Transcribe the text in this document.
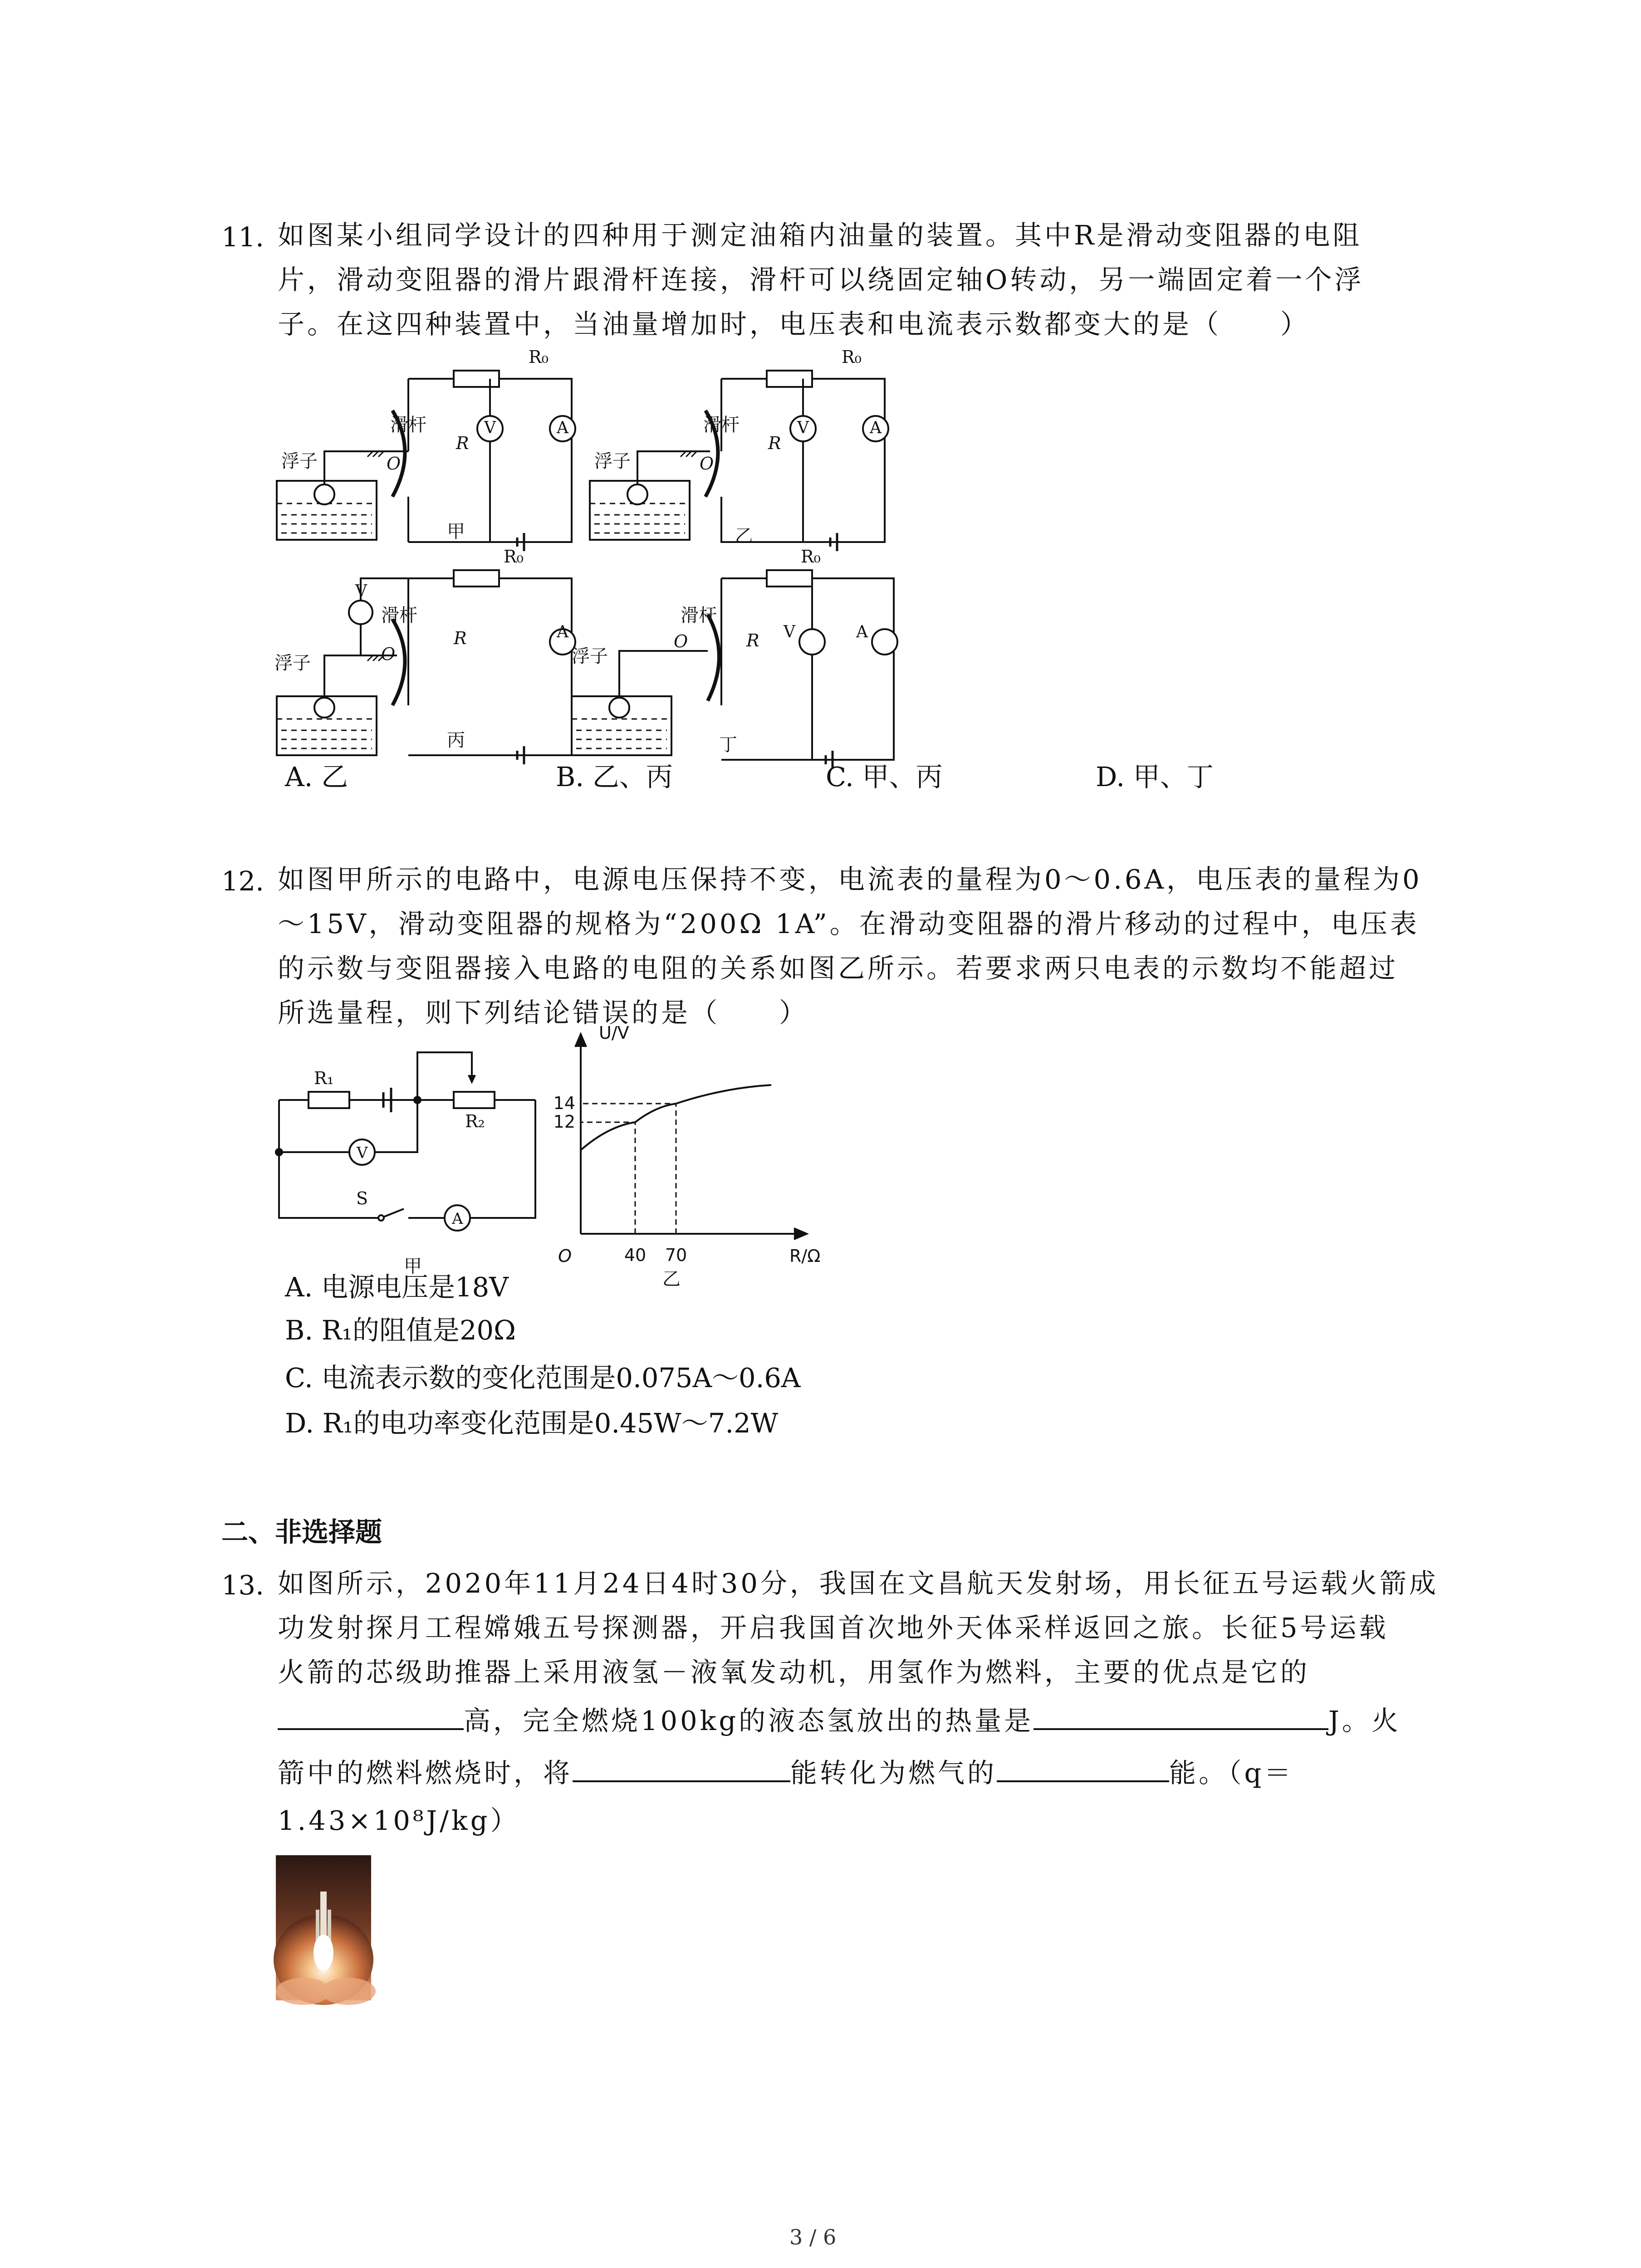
11. 如图某小组同学设计的四种用于测定油箱内油量的装置。其中R是滑动变阻器的电阻
片，滑动变阻器的滑片跟滑杆连接，滑杆可以绕固定轴O转动，另一端固定着一个浮
子。在这四种装置中，当油量增加时，电压表和电流表示数都变大的是（　　）
R₀
滑杆
R
浮子	O
V	A
甲
R₀
滑杆
R
浮子	O
V	A
乙
R₀
滑杆
R
浮子	O
V
A
丙
R₀
滑杆
R
浮子
O	V	A
丁
A. 乙	B. 乙、丙	C. 甲、丙	D. 甲、丁
12. 如图甲所示的电路中，电源电压保持不变，电流表的量程为0～0.6A，电压表的量程为0
～15V，滑动变阻器的规格为“200Ω 1A”。在滑动变阻器的滑片移动的过程中，电压表
的示数与变阻器接入电路的电阻的关系如图乙所示。若要求两只电表的示数均不能超过
所选量程，则下列结论错误的是（　　）
R₁
R₂
S
V
A
甲
40 70
12
14
O
U/V
R/Ω
乙
A. 电源电压是18V
B. R₁的阻值是20Ω
C. 电流表示数的变化范围是0.075A～0.6A
D. R₁的电功率变化范围是0.45W～7.2W
二、非选择题
13. 如图所示，2020年11月24日4时30分，我国在文昌航天发射场，用长征五号运载火箭成
功发射探月工程嫦娥五号探测器，开启我国首次地外天体采样返回之旅。长征5号运载
火箭的芯级助推器上采用液氢－液氧发动机，用氢作为燃料，主要的优点是它的
高，完全燃烧100kg的液态氢放出的热量是	J。火
箭中的燃料燃烧时，将	能转化为燃气的	能。（q＝
1.43×10⁸J/kg）
3 / 6
